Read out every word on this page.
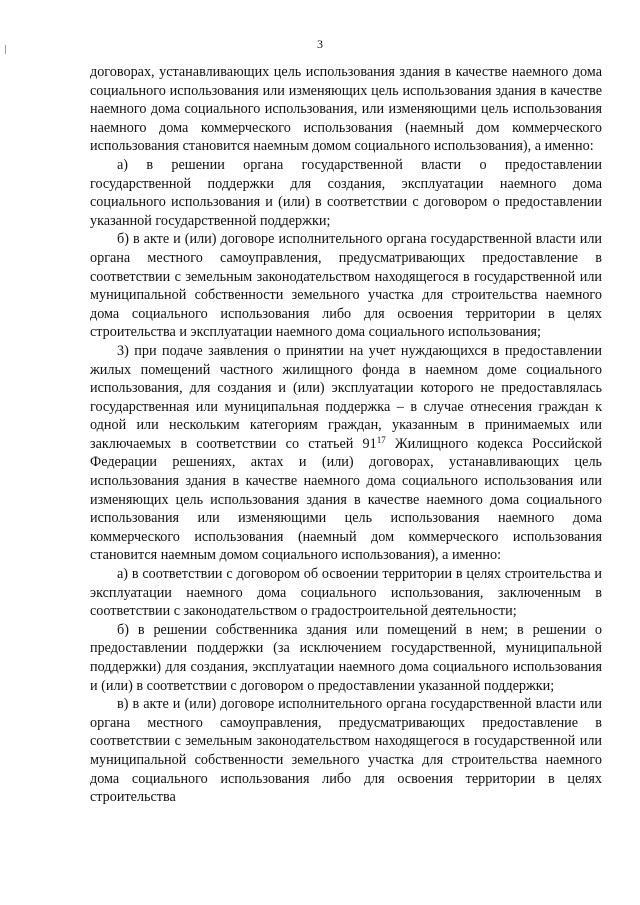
3

договорах, устанавливающих цель использования здания в качестве наемного дома социального использования или изменяющих цель использования здания в качестве наемного дома социального использования, или изменяющими цель использования наемного дома коммерческого использования (наемный дом коммерческого использования становится наемным домом социального использования), а именно:

а) в решении органа государственной власти о предоставлении государственной поддержки для создания, эксплуатации наемного дома социального использования и (или) в соответствии с договором о предоставлении указанной государственной поддержки;

б) в акте и (или) договоре исполнительного органа государственной власти или органа местного самоуправления, предусматривающих предоставление в соответствии с земельным законодательством находящегося в государственной или муниципальной собственности земельного участка для строительства наемного дома социального использования либо для освоения территории в целях строительства и эксплуатации наемного дома социального использования;

3) при подаче заявления о принятии на учет нуждающихся в предоставлении жилых помещений частного жилищного фонда в наемном доме социального использования, для создания и (или) эксплуатации которого не предоставлялась государственная или муниципальная поддержка – в случае отнесения граждан к одной или нескольким категориям граждан, указанным в принимаемых или заключаемых в соответствии со статьей $91^{17}$ Жилищного кодекса Российской Федерации решениях, актах и (или) договорах, устанавливающих цель использования здания в качестве наемного дома социального использования или изменяющих цель использования здания в качестве наемного дома социального использования или изменяющими цель использования наемного дома коммерческого использования (наемный дом коммерческого использования становится наемным домом социального использования), а именно:

а) в соответствии с договором об освоении территории в целях строительства и эксплуатации наемного дома социального использования, заключенным в соответствии с законодательством о градостроительной деятельности;

б) в решении собственника здания или помещений в нем; в решении о предоставлении поддержки (за исключением государственной, муниципальной поддержки) для создания, эксплуатации наемного дома социального использования и (или) в соответствии с договором о предоставлении указанной поддержки;

в) в акте и (или) договоре исполнительного органа государственной власти или органа местного самоуправления, предусматривающих предоставление в соответствии с земельным законодательством находящегося в государственной или муниципальной собственности земельного участка для строительства наемного дома социального использования либо для освоения территории в целях строительства
